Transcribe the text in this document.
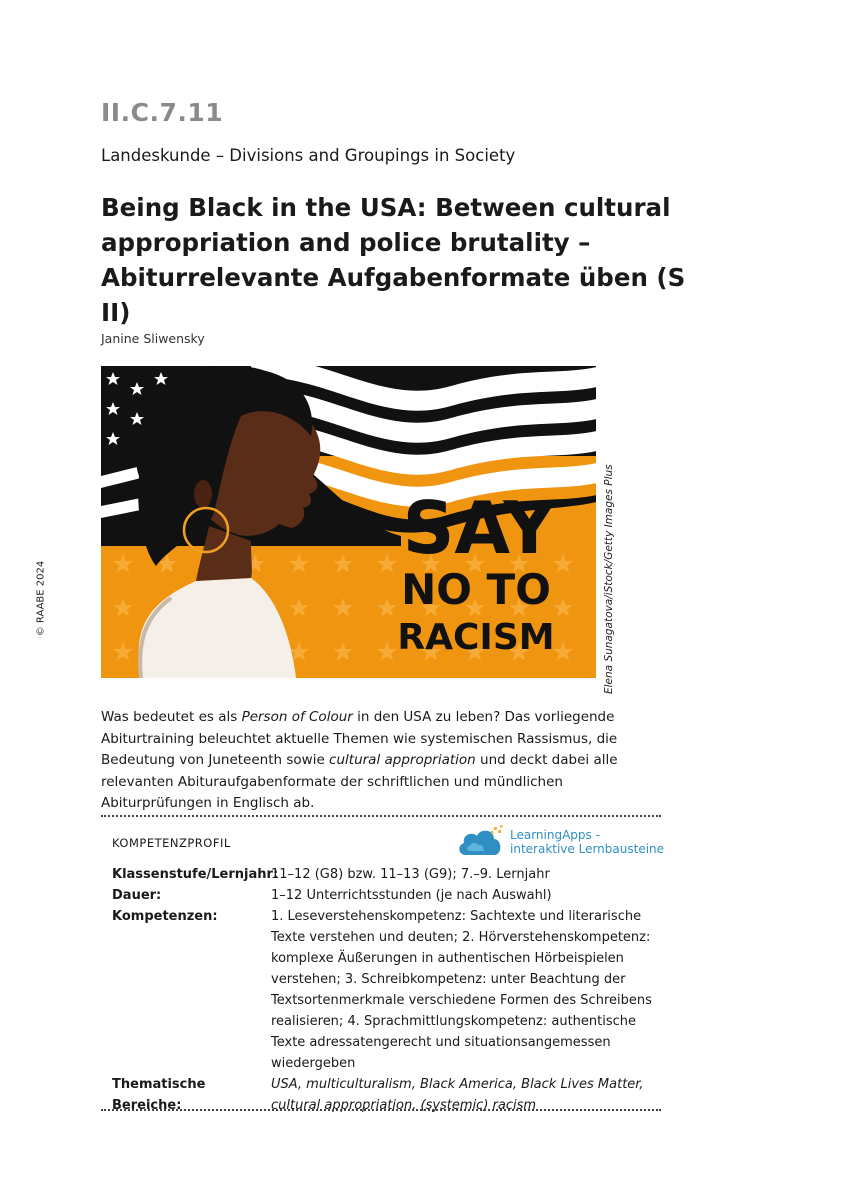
II.C.7.11
Landeskunde – Divisions and Groupings in Society
Being Black in the USA: Between cultural appropriation and police brutality – Abiturrelevante Aufgabenformate üben (S II)
Janine Sliwensky
© RAABE 2024
SAY
NO TO
RACISM	Elena Sunagatova/iStock/Getty Images Plus
Was bedeutet es als Person of Colour in den USA zu leben? Das vorliegende Abiturtraining beleuchtet aktuelle Themen wie systemischen Rassismus, die Bedeutung von Juneteenth sowie cultural appropriation und deckt dabei alle relevanten Abituraufgabenformate der schriftlichen und mündlichen Abiturprüfungen in Englisch ab.
KOMPETENZPROFIL
LearningApps -
interaktive Lernbausteine
Klassenstufe/Lernjahr:
11–12 (G8) bzw. 11–13 (G9); 7.–9. Lernjahr
Dauer:	1–12 Unterrichtsstunden (je nach Auswahl)
Kompetenzen:	1. Leseverstehenskompetenz: Sachtexte und literarische Texte verstehen und deuten; 2. Hörverstehenskompetenz: komplexe Äußerungen in authentischen Hörbeispielen verstehen; 3. Schreibkompetenz: unter Beachtung der Textsortenmerkmale verschiedene Formen des Schreibens realisieren; 4. Sprachmittlungskompetenz: authentische Texte adressatengerecht und situationsangemessen wiedergeben
Thematische Bereiche:
USA, multiculturalism, Black America, Black Lives Matter, cultural appropriation, (systemic) racism
